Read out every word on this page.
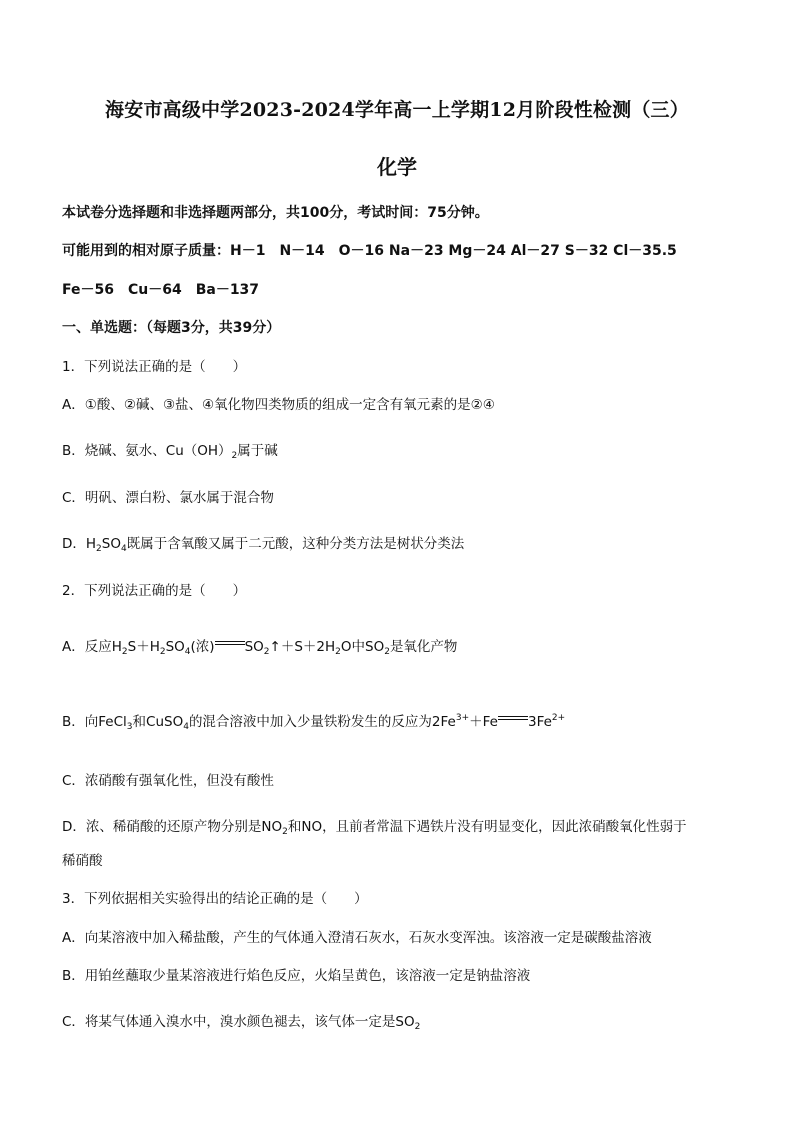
海安市高级中学2023-2024学年高一上学期12月阶段性检测（三）
化学
本试卷分选择题和非选择题两部分，共100分，考试时间：75分钟。
可能用到的相对原子质量：H－1　N－14　O－16 Na－23 Mg－24 Al－27 S－32 Cl－35.5
Fe－56　Cu－64　Ba－137
一、单选题：（每题3分，共39分）
1．下列说法正确的是（　　）
A．①酸、②碱、③盐、④氧化物四类物质的组成一定含有氧元素的是②④
B．烧碱、氨水、$Cu(OH)_2$属于碱
C．明矾、漂白粉、氯水属于混合物
D．$H_2SO_4$既属于含氧酸又属于二元酸，这种分类方法是树状分类法
2．下列说法正确的是（　　）
A．反应$H_2S+H_2SO_4$(浓) $SO_2↑+S+2H_2O$中$SO_2$是氧化产物
B．向FeCl$_3$和CuSO$_4$的混合溶液中加入少量铁粉发生的反应为$2Fe^{3+}+Fe$ $3Fe^{2+}$
C．浓硝酸有强氧化性，但没有酸性
D．浓、稀硝酸的还原产物分别是$NO_2$和NO，且前者常温下遇铁片没有明显变化，因此浓硝酸氧化性弱于
稀硝酸
3．下列依据相关实验得出的结论正确的是（　　）
A．向某溶液中加入稀盐酸，产生的气体通入澄清石灰水，石灰水变浑浊。该溶液一定是碳酸盐溶液
B．用铂丝蘸取少量某溶液进行焰色反应，火焰呈黄色，该溶液一定是钠盐溶液
C．将某气体通入溴水中，溴水颜色褪去，该气体一定是$SO_2$
